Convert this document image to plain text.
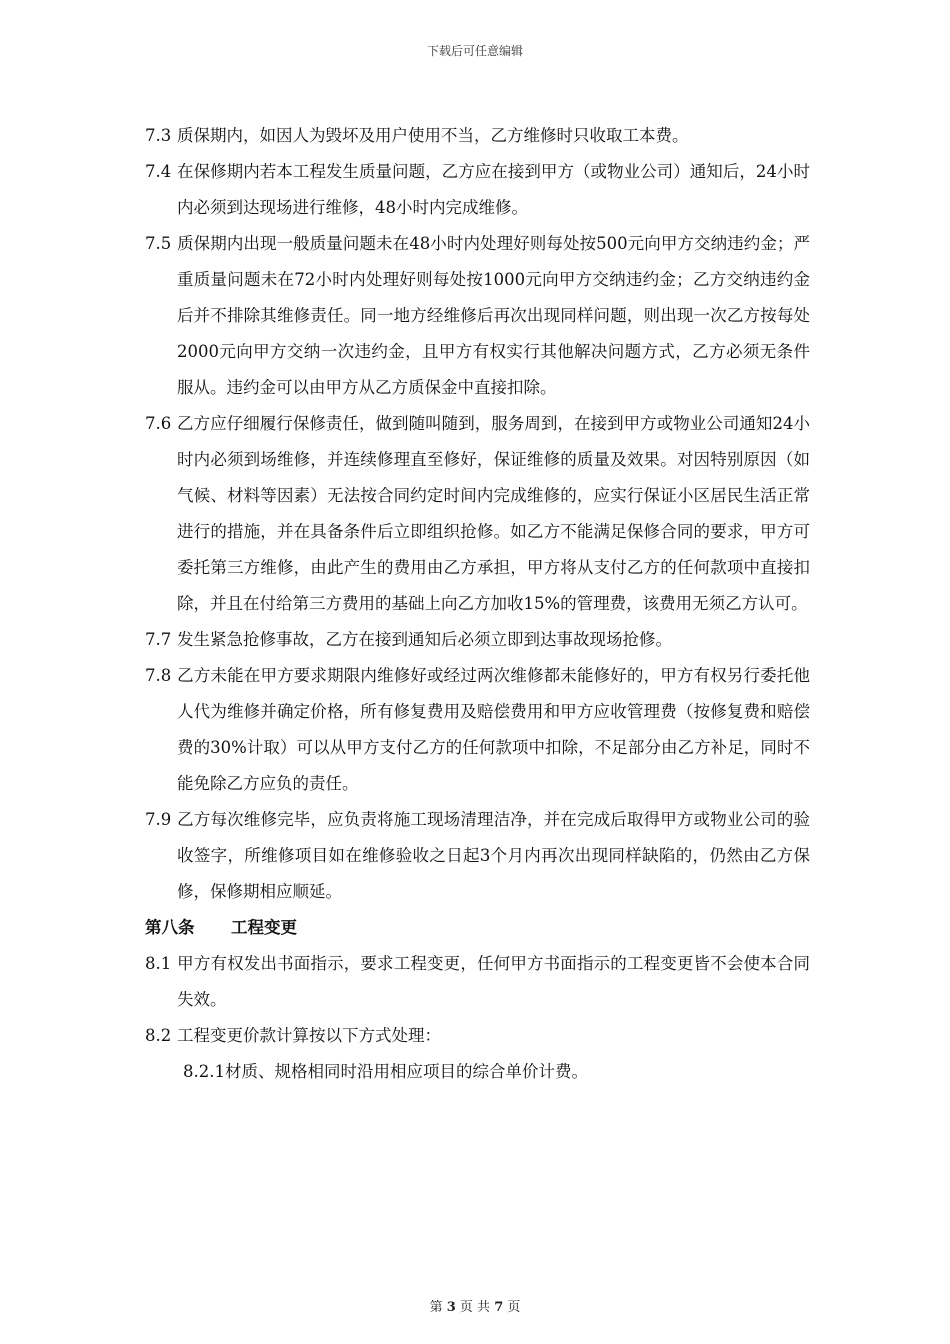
下载后可任意编辑

7.3 质保期内，如因人为毁坏及用户使用不当，乙方维修时只收取工本费。

7.4 在保修期内若本工程发生质量问题，乙方应在接到甲方（或物业公司）通知后，24小时内必须到达现场进行维修，48小时内完成维修。

7.5 质保期内出现一般质量问题未在48小时内处理好则每处按500元向甲方交纳违约金；严重质量问题未在72小时内处理好则每处按1000元向甲方交纳违约金；乙方交纳违约金后并不排除其维修责任。同一地方经维修后再次出现同样问题，则出现一次乙方按每处2000元向甲方交纳一次违约金，且甲方有权实行其他解决问题方式，乙方必须无条件服从。违约金可以由甲方从乙方质保金中直接扣除。

7.6 乙方应仔细履行保修责任，做到随叫随到，服务周到，在接到甲方或物业公司通知24小时内必须到场维修，并连续修理直至修好，保证维修的质量及效果。对因特别原因（如气候、材料等因素）无法按合同约定时间内完成维修的，应实行保证小区居民生活正常进行的措施，并在具备条件后立即组织抢修。如乙方不能满足保修合同的要求，甲方可委托第三方维修，由此产生的费用由乙方承担，甲方将从支付乙方的任何款项中直接扣除，并且在付给第三方费用的基础上向乙方加收15%的管理费，该费用无须乙方认可。

7.7 发生紧急抢修事故，乙方在接到通知后必须立即到达事故现场抢修。

7.8 乙方未能在甲方要求期限内维修好或经过两次维修都未能修好的，甲方有权另行委托他人代为维修并确定价格，所有修复费用及赔偿费用和甲方应收管理费（按修复费和赔偿费的30%计取）可以从甲方支付乙方的任何款项中扣除，不足部分由乙方补足，同时不能免除乙方应负的责任。

7.9 乙方每次维修完毕，应负责将施工现场清理洁净，并在完成后取得甲方或物业公司的验收签字，所维修项目如在维修验收之日起3个月内再次出现同样缺陷的，仍然由乙方保修，保修期相应顺延。

第八条 工程变更

8.1 甲方有权发出书面指示，要求工程变更，任何甲方书面指示的工程变更皆不会使本合同失效。

8.2 工程变更价款计算按以下方式处理：

8.2.1材质、规格相同时沿用相应项目的综合单价计费。

第 3 页 共 7 页
